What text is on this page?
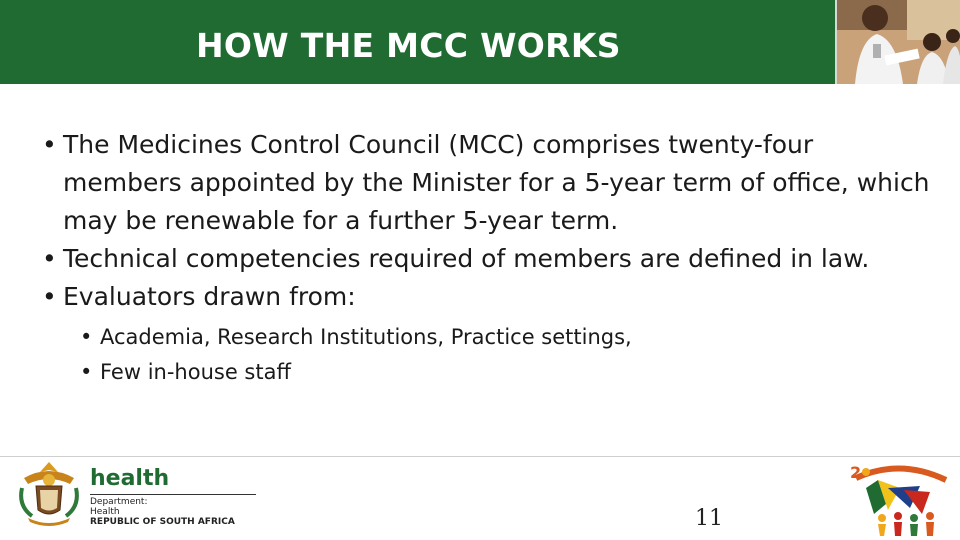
HOW THE MCC WORKS
• The Medicines Control Council (MCC) comprises twenty-four members appointed by the Minister for a 5-year term of office, which may be renewable for a further 5-year term.
• Technical competencies required of members are defined in law.
• Evaluators drawn from:
• Academia, Research Institutions, Practice settings,
• Few in-house staff
health
Department:
Health
REPUBLIC OF SOUTH AFRICA	11
2
